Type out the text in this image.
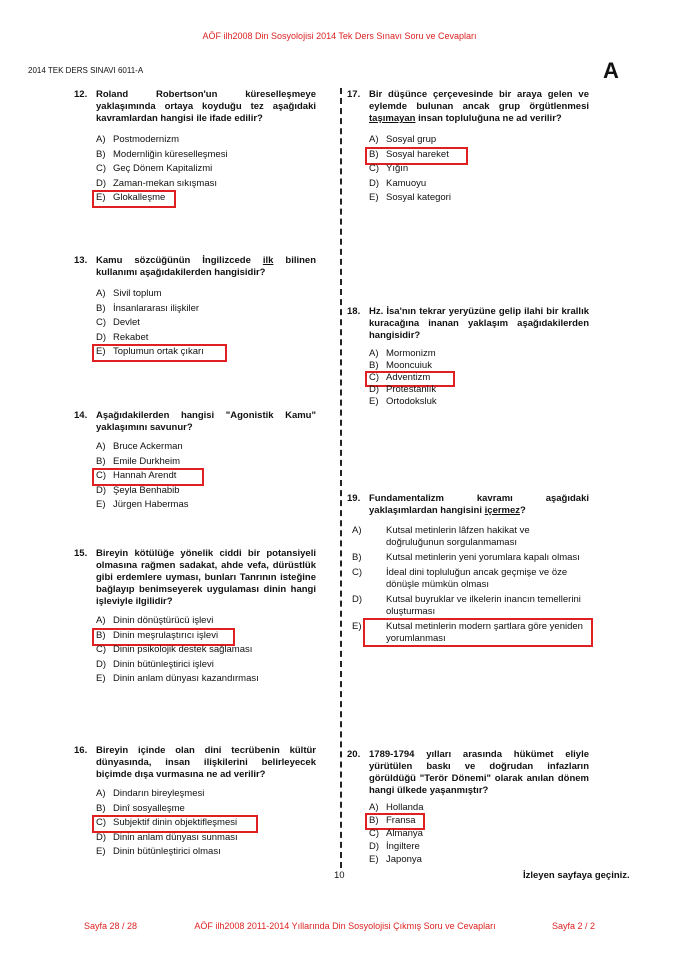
AÖF ilh2008 Din Sosyolojisi 2014 Tek Ders Sınavı Soru ve Cevapları
2014 TEK DERS SINAVI 6011-A	A
12. Roland Robertson'un küreselleşmeye yaklaşımında ortaya koyduğu tez aşağıdaki kavramlardan hangisi ile ifade edilir?
A) Postmodernizm
B) Modernliğin küreselleşmesi
C) Geç Dönem Kapitalizmi
D) Zaman-mekan sıkışması
E) Glokalleşme
13. Kamu sözcüğünün İngilizcede ilk bilinen kullanımı aşağıdakilerden hangisidir?
A) Sivil toplum
B) İnsanlararası ilişkiler
C) Devlet
D) Rekabet
E) Toplumun ortak çıkarı
14. Aşağıdakilerden hangisi "Agonistik Kamu" yaklaşımını savunur?
A) Bruce Ackerman
B) Emile Durkheim
C) Hannah Arendt
D) Şeyla Benhabib
E) Jürgen Habermas
15. Bireyin kötülüğe yönelik ciddi bir potansiyeli olmasına rağmen sadakat, ahde vefa, dürüstlük gibi erdemlere uyması, bunları Tanrının isteğine bağlayıp benimseyerek uygulaması dinin hangi işleviyle ilgilidir?
A) Dinin dönüştürücü işlevi
B) Dinin meşrulaştırıcı işlevi
C) Dinin psikolojik destek sağlaması
D) Dinin bütünleştirici işlevi
E) Dinin anlam dünyası kazandırması
16. Bireyin içinde olan dini tecrübenin kültür dünyasında, insan ilişkilerini belirleyecek biçimde dışa vurmasına ne ad verilir?
A) Dindarın bireyleşmesi
B) Dinî sosyalleşme
C) Subjektif dinin objektifleşmesi
D) Dinin anlam dünyası sunması
E) Dinin bütünleştirici olması
17. Bir düşünce çerçevesinde bir araya gelen ve eylemde bulunan ancak grup örgütlenmesi taşımayan insan topluluğuna ne ad verilir?
A) Sosyal grup
B) Sosyal hareket
C) Yığın
D) Kamuoyu
E) Sosyal kategori
18. Hz. İsa'nın tekrar yeryüzüne gelip ilahi bir krallık kuracağına inanan yaklaşım aşağıdakilerden hangisidir?
A) Mormonizm
B) Mooncuiuk
C) Adventizm
D) Protestanlık
E) Ortodoksluk
19. Fundamentalizm kavramı aşağıdaki yaklaşımlardan hangisini içermez?
A)	Kutsal metinlerin lâfzen hakikat ve doğruluğunun sorgulanmaması
B)	Kutsal metinlerin yeni yorumlara kapalı olması
C)	İdeal dini topluluğun ancak geçmişe ve öze dönüşle mümkün olması
D)	Kutsal buyruklar ve ilkelerin inancın temellerini oluşturması
E)	Kutsal metinlerin modern şartlara göre yeniden yorumlanması
20. 1789-1794 yılları arasında hükümet eliyle yürütülen baskı ve doğrudan infazların görüldüğü "Terör Dönemi" olarak anılan dönem hangi ülkede yaşanmıştır?
A) Hollanda
B) Fransa
C) Almanya
D) İngiltere
E) Japonya
10	İzleyen sayfaya geçiniz.
Sayfa 28 / 28	AÖF ilh2008 2011-2014 Yıllarında Din Sosyolojisi Çıkmış Soru ve Cevapları	Sayfa 2 / 2
